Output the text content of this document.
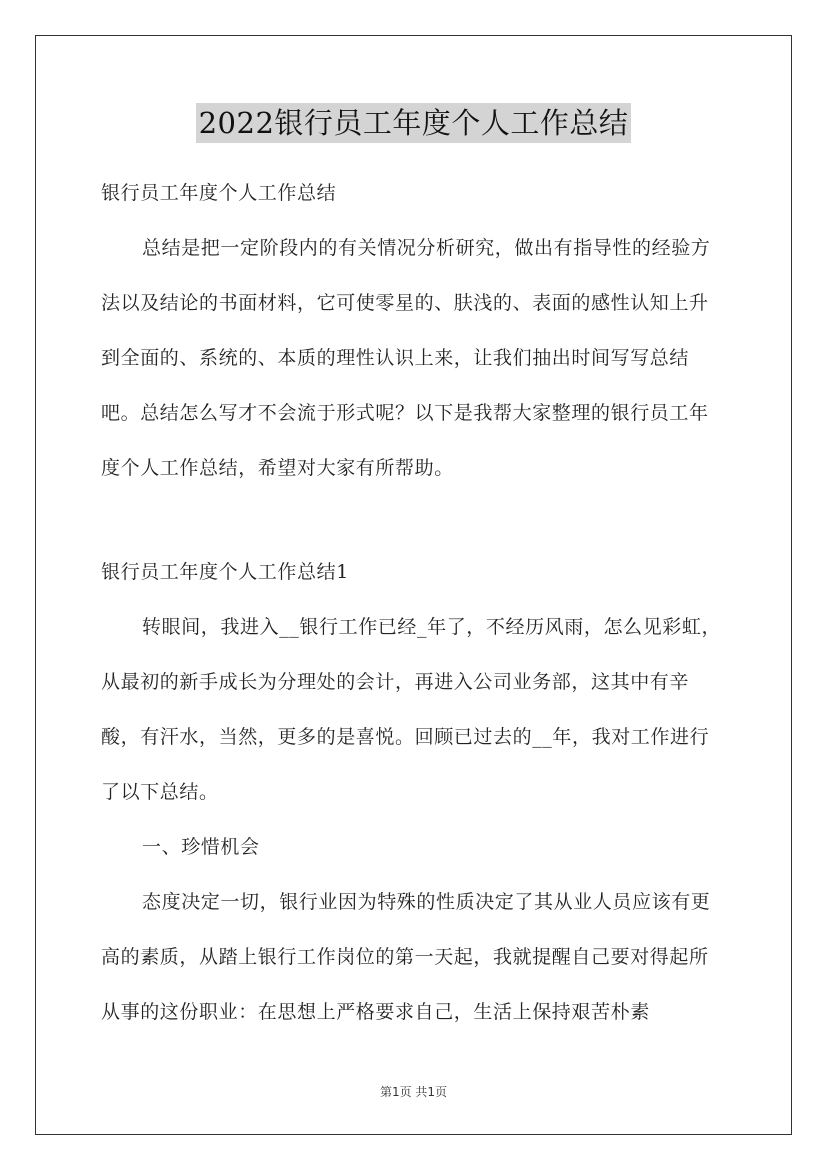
2022银行员工年度个人工作总结

银行员工年度个人工作总结

总结是把一定阶段内的有关情况分析研究，做出有指导性的经验方法以及结论的书面材料，它可使零星的、肤浅的、表面的感性认知上升到全面的、系统的、本质的理性认识上来，让我们抽出时间写写总结吧。总结怎么写才不会流于形式呢？以下是我帮大家整理的银行员工年度个人工作总结，希望对大家有所帮助。

银行员工年度个人工作总结1

转眼间，我进入__银行工作已经_年了，不经历风雨，怎么见彩虹，从最初的新手成长为分理处的会计，再进入公司业务部，这其中有辛酸，有汗水，当然，更多的是喜悦。回顾已过去的__年，我对工作进行了以下总结。

一、珍惜机会

态度决定一切，银行业因为特殊的性质决定了其从业人员应该有更高的素质，从踏上银行工作岗位的第一天起，我就提醒自己要对得起所从事的这份职业：在思想上严格要求自己，生活上保持艰苦朴素

第1页 共1页
